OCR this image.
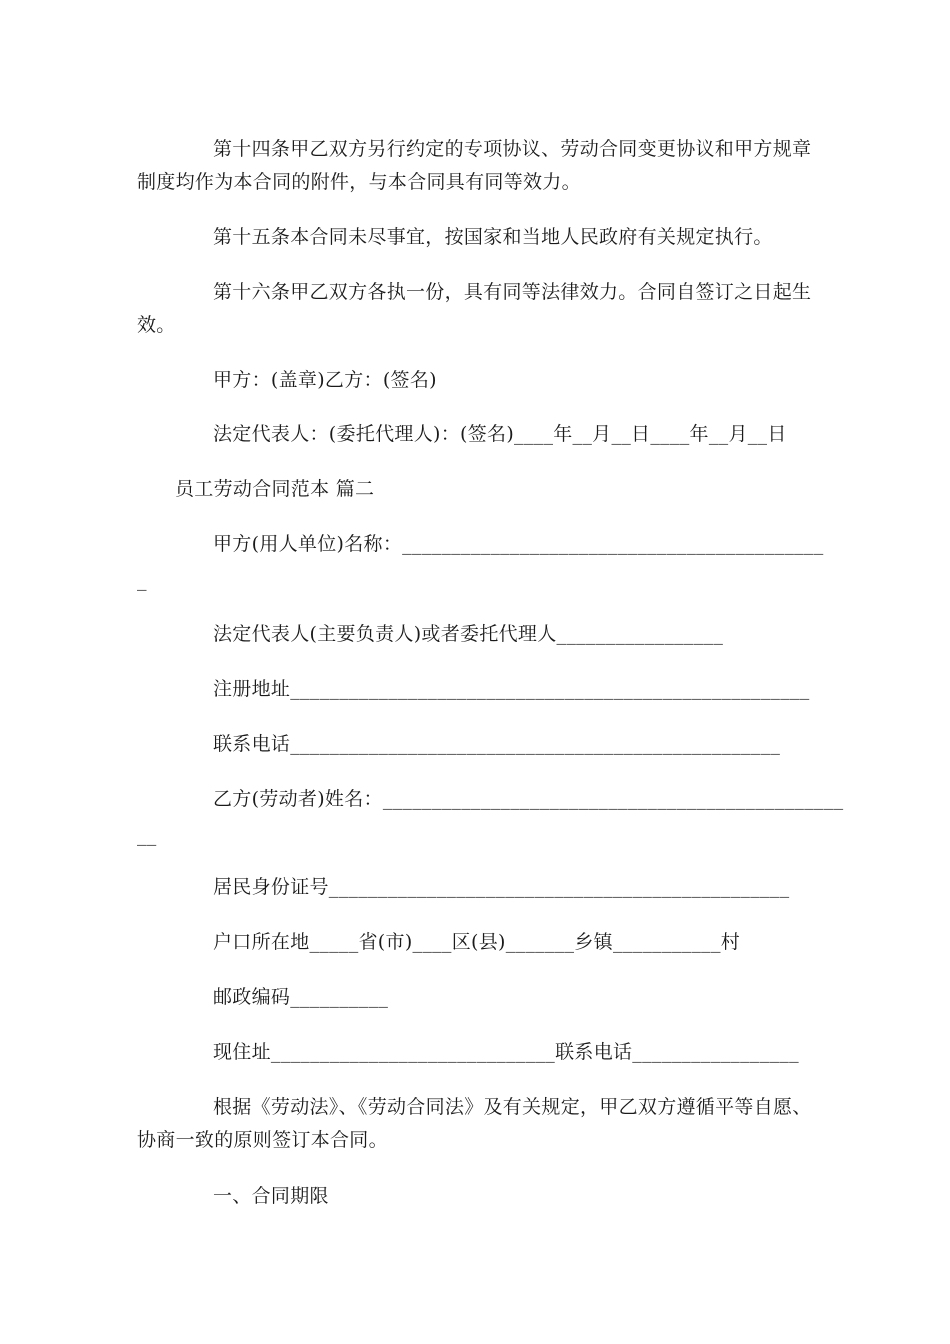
第十四条甲乙双方另行约定的专项协议、劳动合同变更协议和甲方规章
制度均作为本合同的附件，与本合同具有同等效力。
第十五条本合同未尽事宜，按国家和当地人民政府有关规定执行。
第十六条甲乙双方各执一份，具有同等法律效力。合同自签订之日起生
效。
甲方：(盖章)乙方：(签名)
法定代表人：(委托代理人)：(签名)____年__月__日____年__月__日
员工劳动合同范本 篇二
甲方(用人单位)名称：___________________________________________
_
法定代表人(主要负责人)或者委托代理人_________________
注册地址_____________________________________________________
联系电话__________________________________________________
乙方(劳动者)姓名：_______________________________________________
__
居民身份证号_______________________________________________
户口所在地_____省(市)____区(县)_______乡镇___________村
邮政编码__________
现住址_____________________________联系电话_________________
根据《劳动法》、《劳动合同法》及有关规定，甲乙双方遵循平等自愿、
协商一致的原则签订本合同。
一、合同期限
